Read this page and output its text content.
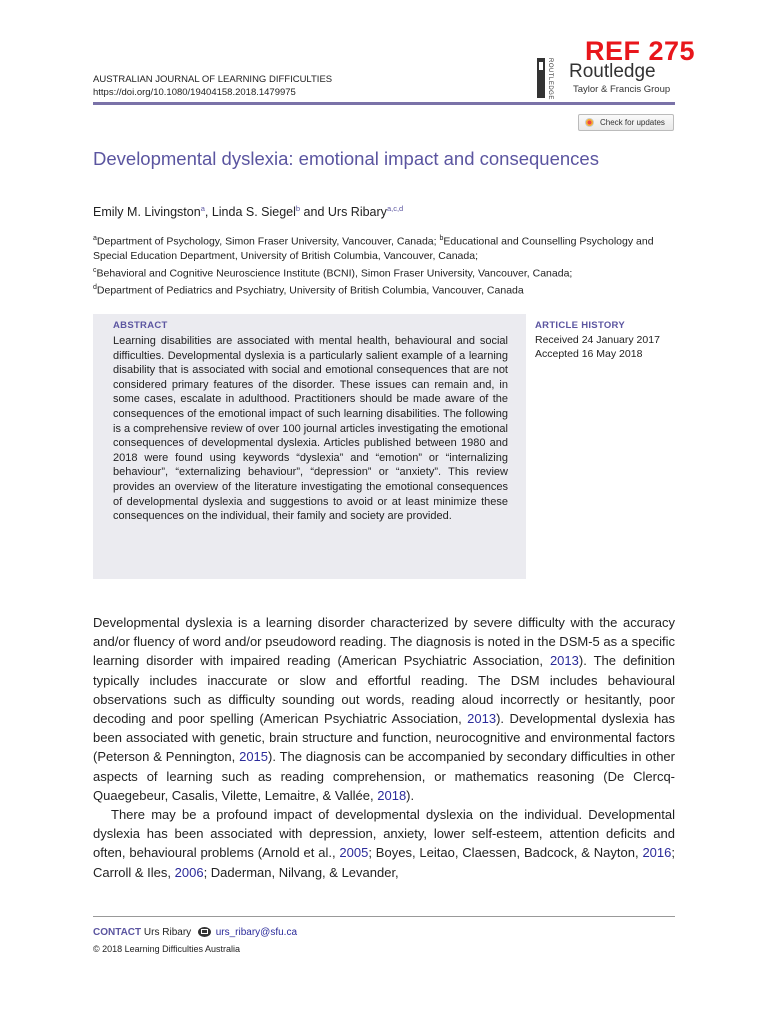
REF 275
AUSTRALIAN JOURNAL OF LEARNING DIFFICULTIES
https://doi.org/10.1080/19404158.2018.1479975	ROUTLEDGE Routledge
Taylor & Francis Group
Check for updates
Developmental dyslexia: emotional impact and consequences
Emily M. Livingston$^a$, Linda S. Siegel$^b$ and Urs Ribary$^{a,c,d}$
$^a$Department of Psychology, Simon Fraser University, Vancouver, Canada; $^b$Educational and Counselling Psychology and Special Education Department, University of British Columbia, Vancouver, Canada;
$^c$Behavioral and Cognitive Neuroscience Institute (BCNI), Simon Fraser University, Vancouver, Canada;
$^d$Department of Pediatrics and Psychiatry, University of British Columbia, Vancouver, Canada
ABSTRACT
Learning disabilities are associated with mental health, behavioural and social difficulties. Developmental dyslexia is a particularly salient example of a learning disability that is associated with social and emotional consequences that are not considered primary features of the disorder. These issues can remain and, in some cases, escalate in adulthood. Practitioners should be made aware of the consequences of the emotional impact of such learning disabilities. The following is a comprehensive review of over 100 journal articles investigating the emotional consequences of developmental dyslexia. Articles published between 1980 and 2018 were found using keywords “dyslexia” and “emotion” or “internalizing behaviour”, “externalizing behaviour”, “depression” or “anxiety”. This review provides an overview of the literature investigating the emotional consequences of developmental dyslexia and suggestions to avoid or at least minimize these consequences on the individual, their family and society are provided.
ARTICLE HISTORY
Received 24 January 2017
Accepted 16 May 2018

Developmental dyslexia is a learning disorder characterized by severe difficulty with the accuracy and/or fluency of word and/or pseudoword reading. The diagnosis is noted in the DSM-5 as a specific learning disorder with impaired reading (American Psychiatric Association, 2013). The definition typically includes inaccurate or slow and effortful reading. The DSM includes behavioural observations such as difficulty sounding out words, reading aloud incorrectly or hesitantly, poor decoding and poor spelling (American Psychiatric Association, 2013). Developmental dyslexia has been associated with genetic, brain structure and function, neurocognitive and environmental factors (Peterson & Pennington, 2015). The diagnosis can be accompanied by secondary difficulties in other aspects of learning such as reading comprehension, or mathematics reasoning (De Clercq-Quaegebeur, Casalis, Vilette, Lemaitre, & Vallée, 2018).

There may be a profound impact of developmental dyslexia on the individual. Developmental dyslexia has been associated with depression, anxiety, lower self-esteem, attention deficits and often, behavioural problems (Arnold et al., 2005; Boyes, Leitao, Claessen, Badcock, & Nayton, 2016; Carroll & Iles, 2006; Daderman, Nilvang, & Levander,

CONTACT Urs Ribary urs_ribary@sfu.ca
© 2018 Learning Difficulties Australia
